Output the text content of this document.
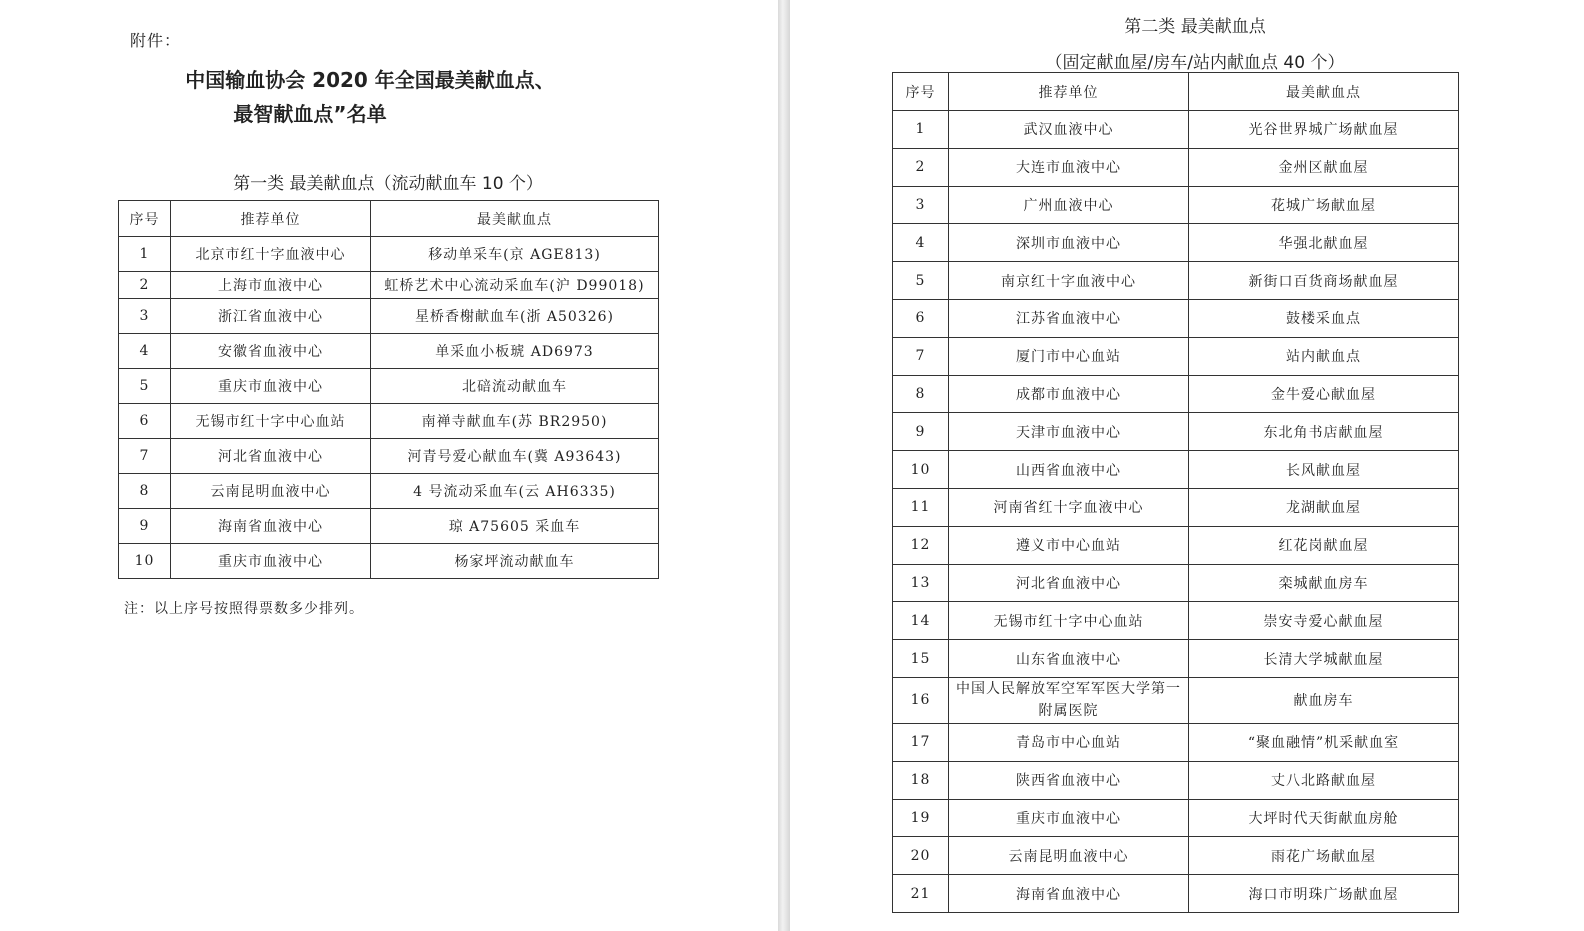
附件：
中国输血协会 2020 年全国最美献血点、
最智献血点”名单
第一类 最美献血点（流动献血车 10 个）
序号	推荐单位	最美献血点
1	北京市红十字血液中心	移动单采车(京 AGE813)
2	上海市血液中心	虹桥艺术中心流动采血车(沪 D99018)
3	浙江省血液中心	星桥香榭献血车(浙 A50326)
4	安徽省血液中心	单采血小板琥 AD6973
5	重庆市血液中心	北碚流动献血车
6	无锡市红十字中心血站	南禅寺献血车(苏 BR2950)
7	河北省血液中心	河青号爱心献血车(冀 A93643)
8	云南昆明血液中心	4 号流动采血车(云 AH6335)
9	海南省血液中心	琼 A75605 采血车
10	重庆市血液中心	杨家坪流动献血车
注：以上序号按照得票数多少排列。
第二类 最美献血点
（固定献血屋/房车/站内献血点 40 个）
序号	推荐单位	最美献血点
1	武汉血液中心	光谷世界城广场献血屋
2	大连市血液中心	金州区献血屋
3	广州血液中心	花城广场献血屋
4	深圳市血液中心	华强北献血屋
5	南京红十字血液中心	新街口百货商场献血屋
6	江苏省血液中心	鼓楼采血点
7	厦门市中心血站	站内献血点
8	成都市血液中心	金牛爱心献血屋
9	天津市血液中心	东北角书店献血屋
10	山西省血液中心	长风献血屋
11	河南省红十字血液中心	龙湖献血屋
12	遵义市中心血站	红花岗献血屋
13	河北省血液中心	栾城献血房车
14	无锡市红十字中心血站	崇安寺爱心献血屋
15	山东省血液中心	长清大学城献血屋
16	中国人民解放军空军军医大学第一附属医院	献血房车
17	青岛市中心血站	“聚血融情”机采献血室
18	陕西省血液中心	丈八北路献血屋
19	重庆市血液中心	大坪时代天街献血房舱
20	云南昆明血液中心	雨花广场献血屋
21	海南省血液中心	海口市明珠广场献血屋
